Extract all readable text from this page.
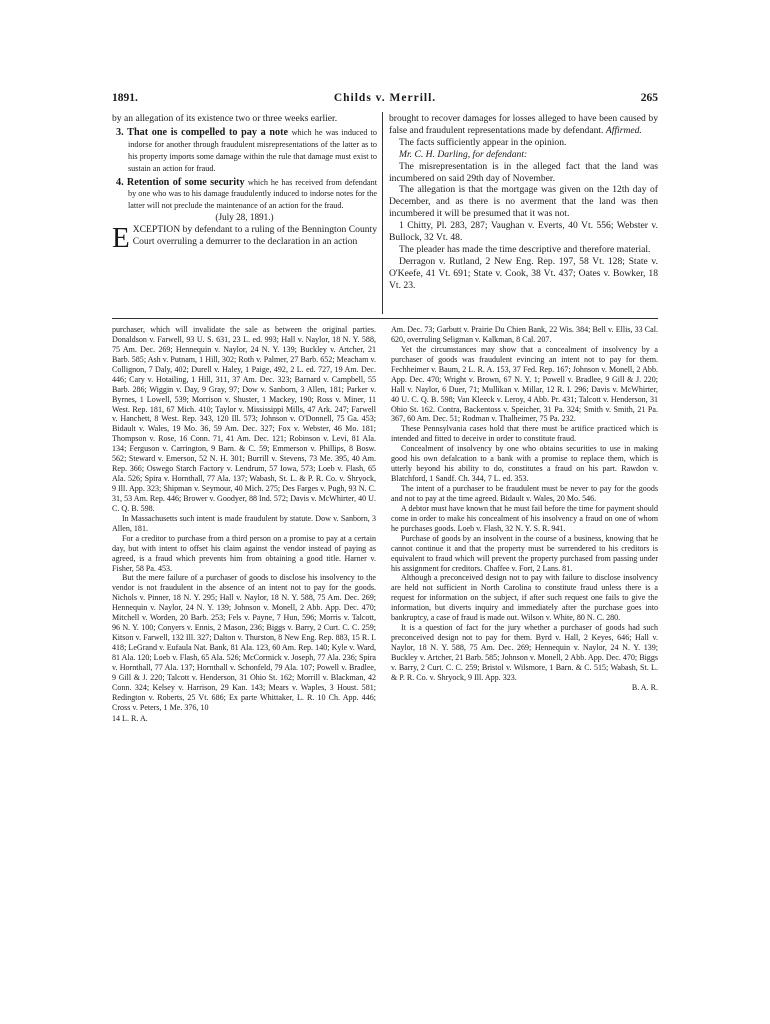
1891.	Childs v. Merrill.	265

by an allegation of its existence two or three weeks earlier.

3. That one is compelled to pay a note which he was induced to indorse for another through fraudulent misrepresentations of the latter as to his property imports some damage within the rule that damage must exist to sustain an action for fraud.
4. Retention of some security which he has received from defendant by one who was to his damage fraudulently induced to indorse notes for the latter will not preclude the maintenance of an action for the fraud.

(July 28, 1891.)

EXCEPTION by defendant to a ruling of the Bennington County Court overruling a demurrer to the declaration in an action

brought to recover damages for losses alleged to have been caused by false and fraudulent representations made by defendant. Affirmed.

The facts sufficiently appear in the opinion.

Mr. C. H. Darling, for defendant:

The misrepresentation is in the alleged fact that the land was incumbered on said 29th day of November.

The allegation is that the mortgage was given on the 12th day of December, and as there is no averment that the land was then incumbered it will be presumed that it was not.

1 Chitty, Pl. 283, 287; Vaughan v. Everts, 40 Vt. 556; Webster v. Bullock, 32 Vt. 48.

The pleader has made the time descriptive and therefore material.

Derragon v. Rutland, 2 New Eng. Rep. 197, 58 Vt. 128; State v. O'Keefe, 41 Vt. 691; State v. Cook, 38 Vt. 437; Oates v. Bowker, 18 Vt. 23.

purchaser, which will invalidate the sale as between the original parties. Donaldson v. Farwell, 93 U. S. 631, 23 L. ed. 993; Hall v. Naylor, 18 N. Y. 588, 75 Am. Dec. 269; Hennequin v. Naylor, 24 N. Y. 139; Buckley v. Artcher, 21 Barb. 585; Ash v. Putnam, 1 Hill, 302; Roth v. Palmer, 27 Barb. 652; Meacham v. Collignon, 7 Daly, 402; Durell v. Haley, 1 Paige, 492, 2 L. ed. 727, 19 Am. Dec. 446; Cary v. Hotailing, 1 Hill, 311, 37 Am. Dec. 323; Barnard v. Campbell, 55 Barb. 286; Wiggin v. Day, 9 Gray, 97; Dow v. Sanborn, 3 Allen, 181; Parker v. Byrnes, 1 Lowell, 539; Morrison v. Shuster, 1 Mackey, 190; Ross v. Miner, 11 West. Rep. 181, 67 Mich. 410; Taylor v. Mississippi Mills, 47 Ark. 247; Farwell v. Hanchett, 8 West. Rep. 343, 120 Ill. 573; Johnson v. O'Donnell, 75 Ga. 453; Bidault v. Wales, 19 Mo. 36, 59 Am. Dec. 327; Fox v. Webster, 46 Mo. 181; Thompson v. Rose, 16 Conn. 71, 41 Am. Dec. 121; Robinson v. Levi, 81 Ala. 134; Ferguson v. Carrington, 9 Barn. & C. 59; Emmerson v. Phillips, 8 Bosw. 562; Steward v. Emerson, 52 N. H. 301; Burrill v. Stevens, 73 Me. 395, 40 Am. Rep. 366; Oswego Starch Factory v. Lendrum, 57 Iowa, 573; Loeb v. Flash, 65 Ala. 526; Spira v. Hornthall, 77 Ala. 137; Wabash, St. L. & P. R. Co. v. Shryock, 9 Ill. App. 323; Shipman v. Seymour, 40 Mich. 275; Des Farges v. Pugh, 93 N. C. 31, 53 Am. Rep. 446; Brower v. Goodyer, 88 Ind. 572; Davis v. McWhirter, 40 U. C. Q. B. 598.

In Massachusetts such intent is made fraudulent by statute. Dow v. Sanborn, 3 Allen, 181.

For a creditor to purchase from a third person on a promise to pay at a certain day, but with intent to offset his claim against the vendor instead of paying as agreed, is a fraud which prevents him from obtaining a good title. Harner v. Fisher, 58 Pa. 453.

But the mere failure of a purchaser of goods to disclose his insolvency to the vendor is not fraudulent in the absence of an intent not to pay for the goods. Nichols v. Pinner, 18 N. Y. 295; Hall v. Naylor, 18 N. Y. 588, 75 Am. Dec. 269; Hennequin v. Naylor, 24 N. Y. 139; Johnson v. Monell, 2 Abb. App. Dec. 470; Mitchell v. Worden, 20 Barb. 253; Fels v. Payne, 7 Hun, 596; Morris v. Talcott, 96 N. Y. 100; Conyers v. Ennis, 2 Mason, 236; Biggs v. Barry, 2 Curt. C. C. 259; Kitson v. Farwell, 132 Ill. 327; Dalton v. Thurston, 8 New Eng. Rep. 883, 15 R. I. 418; LeGrand v. Eufaula Nat. Bank, 81 Ala. 123, 60 Am. Rep. 140; Kyle v. Ward, 81 Ala. 120; Loeb v. Flash, 65 Ala. 526; McCormick v. Joseph, 77 Ala. 236; Spira v. Hornthall, 77 Ala. 137; Hornthall v. Schonfeld, 79 Ala. 107; Powell v. Bradlee, 9 Gill & J. 220; Talcott v. Henderson, 31 Ohio St. 162; Morrill v. Blackman, 42 Conn. 324; Kelsey v. Harrison, 29 Kan. 143; Mears v. Waples, 3 Houst. 581; Redington v. Roberts, 25 Vt. 686; Ex parte Whittaker, L. R. 10 Ch. App. 446; Cross v. Peters, 1 Me. 376, 10

14 L. R. A.

Am. Dec. 73; Garbutt v. Prairie Du Chien Bank, 22 Wis. 384; Bell v. Ellis, 33 Cal. 620, overruling Seligman v. Kalkman, 8 Cal. 207.

Yet the circumstances may show that a concealment of insolvency by a purchaser of goods was fraudulent evincing an intent not to pay for them. Fechheimer v. Baum, 2 L. R. A. 153, 37 Fed. Rep. 167; Johnson v. Monell, 2 Abb. App. Dec. 470; Wright v. Brown, 67 N. Y. 1; Powell v. Bradlee, 9 Gill & J. 220; Hall v. Naylor, 6 Duer, 71; Mullikan v. Millar, 12 R. I. 296; Davis v. McWhirter, 40 U. C. Q. B. 598; Van Kleeck v. Leroy, 4 Abb. Pr. 431; Talcott v. Henderson, 31 Ohio St. 162. Contra, Backentoss v. Speicher, 31 Pa. 324; Smith v. Smith, 21 Pa. 367, 60 Am. Dec. 51; Rodman v. Thalheimer, 75 Pa. 232.

These Pennsylvania cases hold that there must be artifice practiced which is intended and fitted to deceive in order to constitute fraud.

Concealment of insolvency by one who obtains securities to use in making good his own defalcation to a bank with a promise to replace them, which is utterly beyond his ability to do, constitutes a fraud on his part. Rawdon v. Blatchford, 1 Sandf. Ch. 344, 7 L. ed. 353.

The intent of a purchaser to be fraudulent must be never to pay for the goods and not to pay at the time agreed. Bidault v. Wales, 20 Mo. 546.

A debtor must have known that he must fail before the time for payment should come in order to make his concealment of his insolvency a fraud on one of whom he purchases goods. Loeb v. Flash, 32 N. Y. S. R. 941.

Purchase of goods by an insolvent in the course of a business, knowing that he cannot continue it and that the property must be surrendered to his creditors is equivalent to fraud which will prevent the property purchased from passing under his assignment for creditors. Chaffee v. Fort, 2 Lans. 81.

Although a preconceived design not to pay with failure to disclose insolvency are held not sufficient in North Carolina to constitute fraud unless there is a request for information on the subject, if after such request one fails to give the information, but diverts inquiry and immediately after the purchase goes into bankruptcy, a case of fraud is made out. Wilson v. White, 80 N. C. 280.

It is a question of fact for the jury whether a purchaser of goods had such preconceived design not to pay for them. Byrd v. Hall, 2 Keyes, 646; Hall v. Naylor, 18 N. Y. 588, 75 Am. Dec. 269; Hennequin v. Naylor, 24 N. Y. 139; Buckley v. Artcher, 21 Barb. 585; Johnson v. Monell, 2 Abb. App. Dec. 470; Biggs v. Barry, 2 Curt. C. C. 259; Bristol v. Wilsmore, 1 Barn. & C. 515; Wabash, St. L. & P. R. Co. v. Shryock, 9 Ill. App. 323.

B. A. R.
